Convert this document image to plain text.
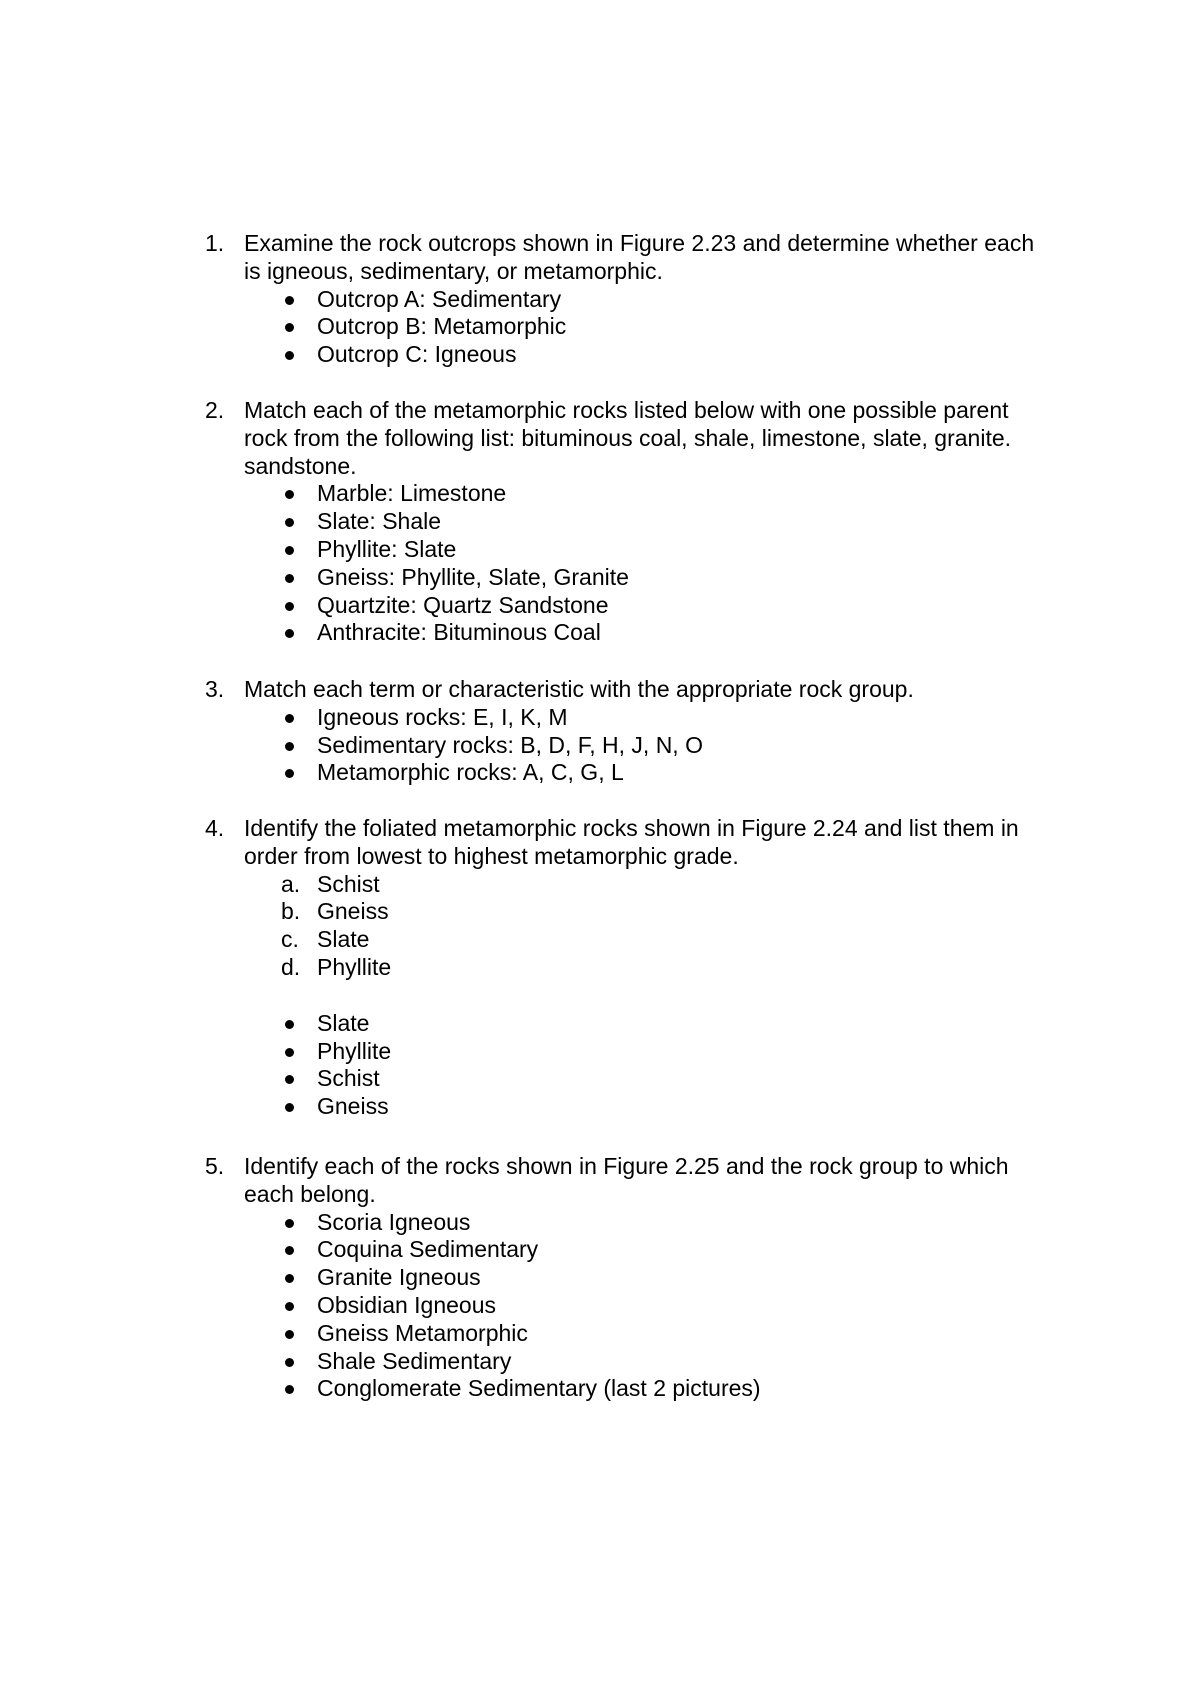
1. Examine the rock outcrops shown in Figure 2.23 and determine whether each is igneous, sedimentary, or metamorphic.
Outcrop A: Sedimentary
Outcrop B: Metamorphic
Outcrop C: Igneous
2. Match each of the metamorphic rocks listed below with one possible parent rock from the following list: bituminous coal, shale, limestone, slate, granite. sandstone.
Marble: Limestone
Slate: Shale
Phyllite: Slate
Gneiss: Phyllite, Slate, Granite
Quartzite: Quartz Sandstone
Anthracite: Bituminous Coal
3. Match each term or characteristic with the appropriate rock group.
Igneous rocks: E, I, K, M
Sedimentary rocks: B, D, F, H, J, N, O
Metamorphic rocks: A, C, G, L
4. Identify the foliated metamorphic rocks shown in Figure 2.24 and list them in order from lowest to highest metamorphic grade.
a. Schist
b. Gneiss
c. Slate
d. Phyllite
Slate
Phyllite
Schist
Gneiss
5. Identify each of the rocks shown in Figure 2.25 and the rock group to which each belong.
Scoria Igneous
Coquina Sedimentary
Granite Igneous
Obsidian Igneous
Gneiss Metamorphic
Shale Sedimentary
Conglomerate Sedimentary (last 2 pictures)
